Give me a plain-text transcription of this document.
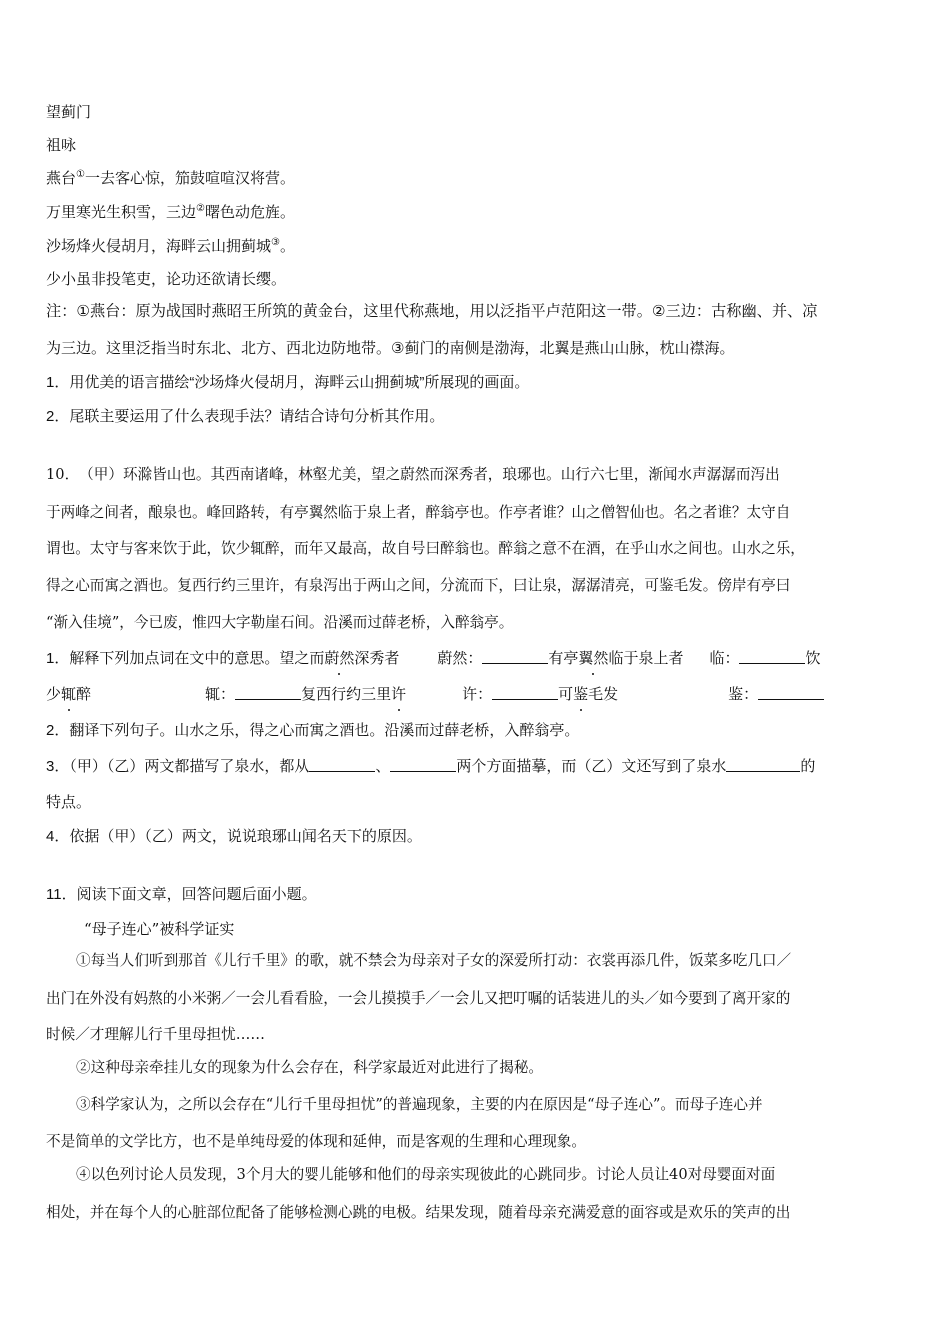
望蓟门
祖咏
燕台①一去客心惊，笳鼓喧喧汉将营。
万里寒光生积雪，三边②曙色动危旌。
沙场烽火侵胡月，海畔云山拥蓟城③。
少小虽非投笔吏，论功还欲请长缨。
注：①燕台：原为战国时燕昭王所筑的黄金台，这里代称燕地，用以泛指平卢范阳这一带。②三边：古称幽、并、凉
为三边。这里泛指当时东北、北方、西北边防地带。③蓟门的南侧是渤海，北翼是燕山山脉，枕山襟海。
1．用优美的语言描绘“沙场烽火侵胡月，海畔云山拥蓟城”所展现的画面。
2．尾联主要运用了什么表现手法？请结合诗句分析其作用。
10．　（甲）环滁皆山也。其西南诸峰，林壑尤美，望之蔚然而深秀者，琅琊也。山行六七里，渐闻水声潺潺而泻出
于两峰之间者，酿泉也。峰回路转，有亭翼然临于泉上者，醉翁亭也。作亭者谁？山之僧智仙也。名之者谁？太守自
谓也。太守与客来饮于此，饮少辄醉，而年又最高，故自号曰醉翁也。醉翁之意不在酒，在乎山水之间也。山水之乐，
得之心而寓之酒也。复西行约三里许，有泉泻出于两山之间，分流而下，曰让泉，潺潺清亮，可鉴毛发。傍岸有亭曰
“渐入佳境”，今已废，惟四大字勒崖石间。沿溪而过薛老桥，入醉翁亭。
1．解释下列加点词在文中的意思。望之而 蔚然 深秀者	蔚然：	有亭 翼然 临于泉上者 临：	饮
少 辄 醉	辄：	复西行约三里 许	许：	可 鉴 毛发	鉴：
2．翻译下列句子。山水之乐，得之心而寓之酒也。沿溪而过薛老桥，入醉翁亭。
3．（甲）（乙）两文都描写了泉水，都从	、	两个方面描摹，而（乙）文还写到了泉水	的
特点。
4．依据（甲）（乙）两文，说说琅琊山闻名天下的原因。
11．阅读下面文章，回答问题后面小题。
“母子连心”被科学证实
①每当人们听到那首《儿行千里》的歌，就不禁会为母亲对子女的深爱所打动：衣裳再添几件，饭菜多吃几口／
出门在外没有妈熬的小米粥／一会儿看看脸，一会儿摸摸手／一会儿又把叮嘱的话装进儿的头／如今要到了离开家的
时候／才理解儿行千里母担忧……
②这种母亲牵挂儿女的现象为什么会存在，科学家最近对此进行了揭秘。
③科学家认为，之所以会存在“儿行千里母担忧”的普遍现象，主要的内在原因是“母子连心”。而母子连心并
不是简单的文学比方，也不是单纯母爱的体现和延伸，而是客观的生理和心理现象。
④以色列讨论人员发现，3个月大的婴儿能够和他们的母亲实现彼此的心跳同步。讨论人员让40对母婴面对面
相处，并在每个人的心脏部位配备了能够检测心跳的电极。结果发现，随着母亲充满爱意的面容或是欢乐的笑声的出
